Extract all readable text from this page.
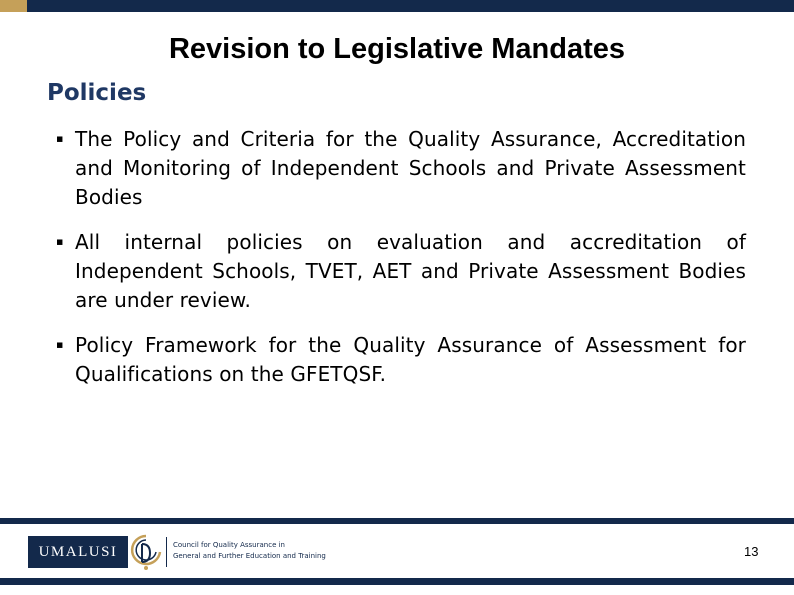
Revision to Legislative Mandates
Policies
▪ The Policy and Criteria for the Quality Assurance, Accreditation and Monitoring of Independent Schools and Private Assessment Bodies
▪ All internal policies on evaluation and accreditation of Independent Schools, TVET, AET and Private Assessment Bodies are under review.
▪ Policy Framework for the Quality Assurance of Assessment for Qualifications on the GFETQSF.
UMALUSI	Council for Quality Assurance in
General and Further Education and Training	13
